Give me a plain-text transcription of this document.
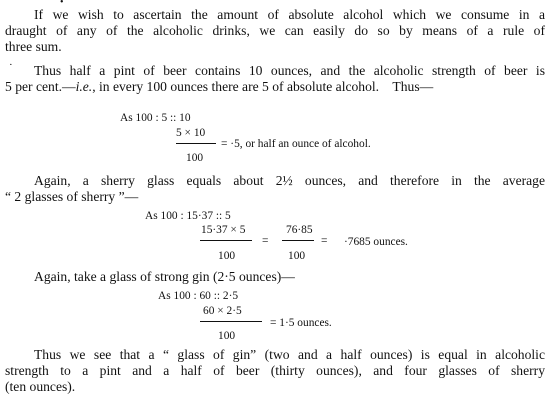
•
If we wish to ascertain the amount of absolute alcohol which we consume in a
draught of any of the alcoholic drinks, we can easily do so by means of a rule of
three sum.
· Thus half a pint of beer contains 10 ounces, and the alcoholic strength of beer is
5 per cent.—i.e., in every 100 ounces there are 5 of absolute alcohol.    Thus—
As 100 : 5 :: 10
5 × 10
100
= ·5, or half an ounce of alcohol.
Again, a sherry glass equals about 2½ ounces, and therefore in the average
“ 2 glasses of sherry ”—
As 100 : 15·37 :: 5
15·37 × 5
100
=
76·85
100
= ·7685 ounces.
Again, take a glass of strong gin (2·5 ounces)—
As 100 : 60 :: 2·5
60 × 2·5
100
= 1·5 ounces.
Thus we see that a “ glass of gin” (two and a half ounces) is equal in alcoholic
strength to a pint and a half of beer (thirty ounces), and four glasses of sherry
(ten ounces).
